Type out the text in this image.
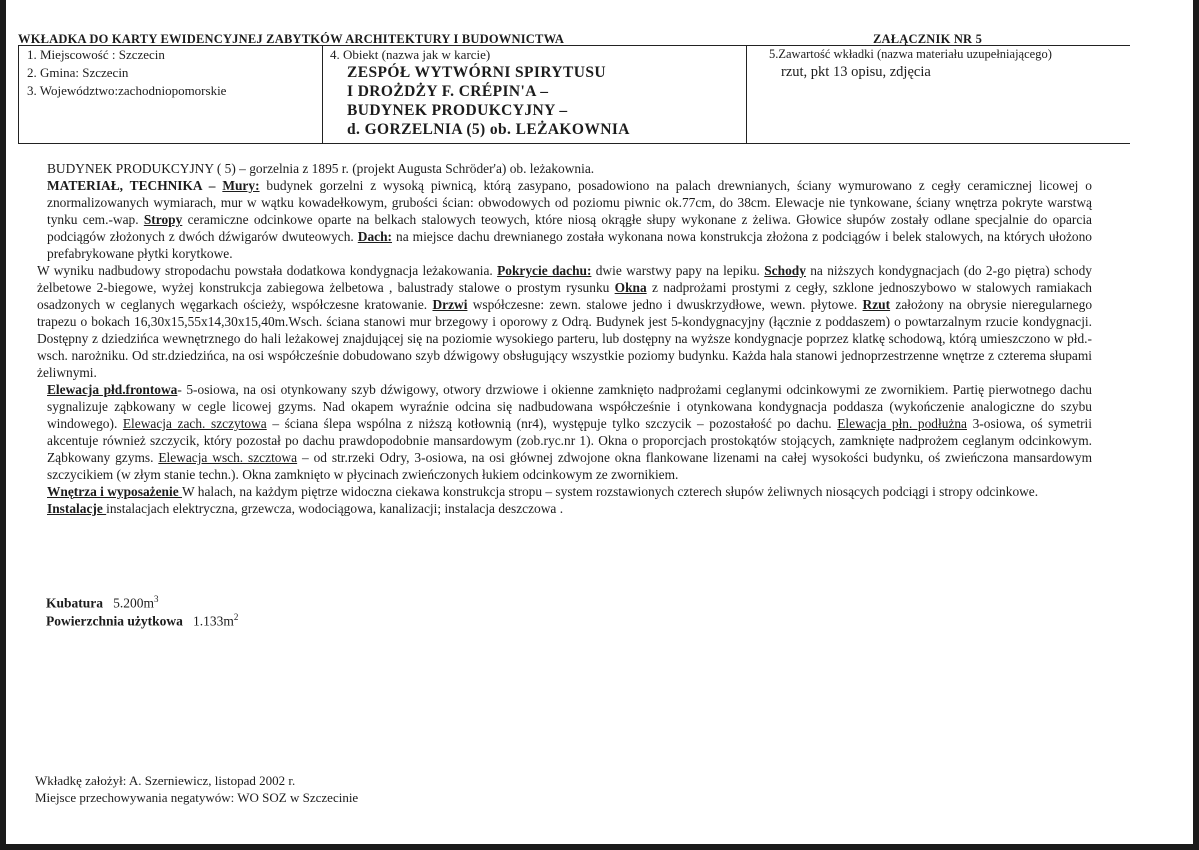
WKŁADKA DO KARTY EWIDENCYJNEJ ZABYTKÓW ARCHITEKTURY I BUDOWNICTWA	ZAŁĄCZNIK NR 5
1. Miejscowość : Szczecin
2. Gmina: Szczecin
3. Województwo:zachodniopomorskie
4. Obiekt (nazwa jak w karcie)
ZESPÓŁ WYTWÓRNI SPIRYTUSU
I DROŻDŻY F. CRÉPIN'A –
BUDYNEK PRODUKCYJNY –
d. GORZELNIA (5) ob. LEŻAKOWNIA
5.Zawartość wkładki (nazwa materiału uzupełniającego)
rzut, pkt 13 opisu, zdjęcia

BUDYNEK PRODUKCYJNY ( 5) – gorzelnia z 1895 r. (projekt Augusta Schröder'a) ob. leżakownia.

MATERIAŁ, TECHNIKA – Mury: budynek gorzelni z wysoką piwnicą, którą zasypano, posadowiono na palach drewnianych, ściany wymurowano z cegły ceramicznej licowej o znormalizowanych wymiarach, mur w wątku kowadełkowym, grubości ścian: obwodowych od poziomu piwnic ok.77cm, do 38cm. Elewacje nie tynkowane, ściany wnętrza pokryte warstwą tynku cem.-wap. Stropy ceramiczne odcinkowe oparte na belkach stalowych teowych, które niosą okrągłe słupy wykonane z żeliwa. Głowice słupów zostały odlane specjalnie do oparcia podciągów złożonych z dwóch dźwigarów dwuteowych. Dach: na miejsce dachu drewnianego została wykonana nowa konstrukcja złożona z podciągów i belek stalowych, na których ułożono prefabrykowane płytki korytkowe.

W wyniku nadbudowy stropodachu powstała dodatkowa kondygnacja leżakowania. Pokrycie dachu: dwie warstwy papy na lepiku. Schody na niższych kondygnacjach (do 2-go piętra) schody żelbetowe 2-biegowe, wyżej konstrukcja zabiegowa żelbetowa , balustrady stalowe o prostym rysunku Okna z nadprożami prostymi z cegły, szklone jednoszybowo w stalowych ramiakach osadzonych w ceglanych węgarkach ościeży, współczesne kratowanie. Drzwi współczesne: zewn. stalowe jedno i dwuskrzydłowe, wewn. płytowe. Rzut założony na obrysie nieregularnego trapezu o bokach 16,30x15,55x14,30x15,40m.Wsch. ściana stanowi mur brzegowy i oporowy z Odrą. Budynek jest 5-kondygnacyjny (łącznie z poddaszem) o powtarzalnym rzucie kondygnacji. Dostępny z dziedzińca wewnętrznego do hali leżakowej znajdującej się na poziomie wysokiego parteru, lub dostępny na wyższe kondygnacje poprzez klatkę schodową, którą umieszczono w płd.-wsch. narożniku. Od str.dziedzińca, na osi współcześnie dobudowano szyb dźwigowy obsługujący wszystkie poziomy budynku. Każda hala stanowi jednoprzestrzenne wnętrze z czterema słupami żeliwnymi.

Elewacja płd.frontowa- 5-osiowa, na osi otynkowany szyb dźwigowy, otwory drzwiowe i okienne zamknięto nadprożami ceglanymi odcinkowymi ze zwornikiem. Partię pierwotnego dachu sygnalizuje ząbkowany w cegle licowej gzyms. Nad okapem wyraźnie odcina się nadbudowana współcześnie i otynkowana kondygnacja poddasza (wykończenie analogiczne do szybu windowego). Elewacja zach. szczytowa – ściana ślepa wspólna z niższą kotłownią (nr4), występuje tylko szczycik – pozostałość po dachu. Elewacja płn. podłużna 3-osiowa, oś symetrii akcentuje również szczycik, który pozostał po dachu prawdopodobnie mansardowym (zob.ryc.nr 1). Okna o proporcjach prostokątów stojących, zamknięte nadprożem ceglanym odcinkowym. Ząbkowany gzyms. Elewacja wsch. szcztowa – od str.rzeki Odry, 3-osiowa, na osi głównej zdwojone okna flankowane lizenami na całej wysokości budynku, oś zwieńczona mansardowym szczycikiem (w złym stanie techn.). Okna zamknięto w płycinach zwieńczonych łukiem odcinkowym ze zwornikiem.

Wnętrza i wyposażenie W halach, na każdym piętrze widoczna ciekawa konstrukcja stropu – system rozstawionych czterech słupów żeliwnych niosących podciągi i stropy odcinkowe.

Instalacje instalacjach elektryczna, grzewcza, wodociągowa, kanalizacji; instalacja deszczowa .

Kubatura $5.200m^3$
Powierzchnia użytkowa $1.133m^2$
Wkładkę założył: A. Szerniewicz, listopad 2002 r.
Miejsce przechowywania negatywów: WO SOZ w Szczecinie
